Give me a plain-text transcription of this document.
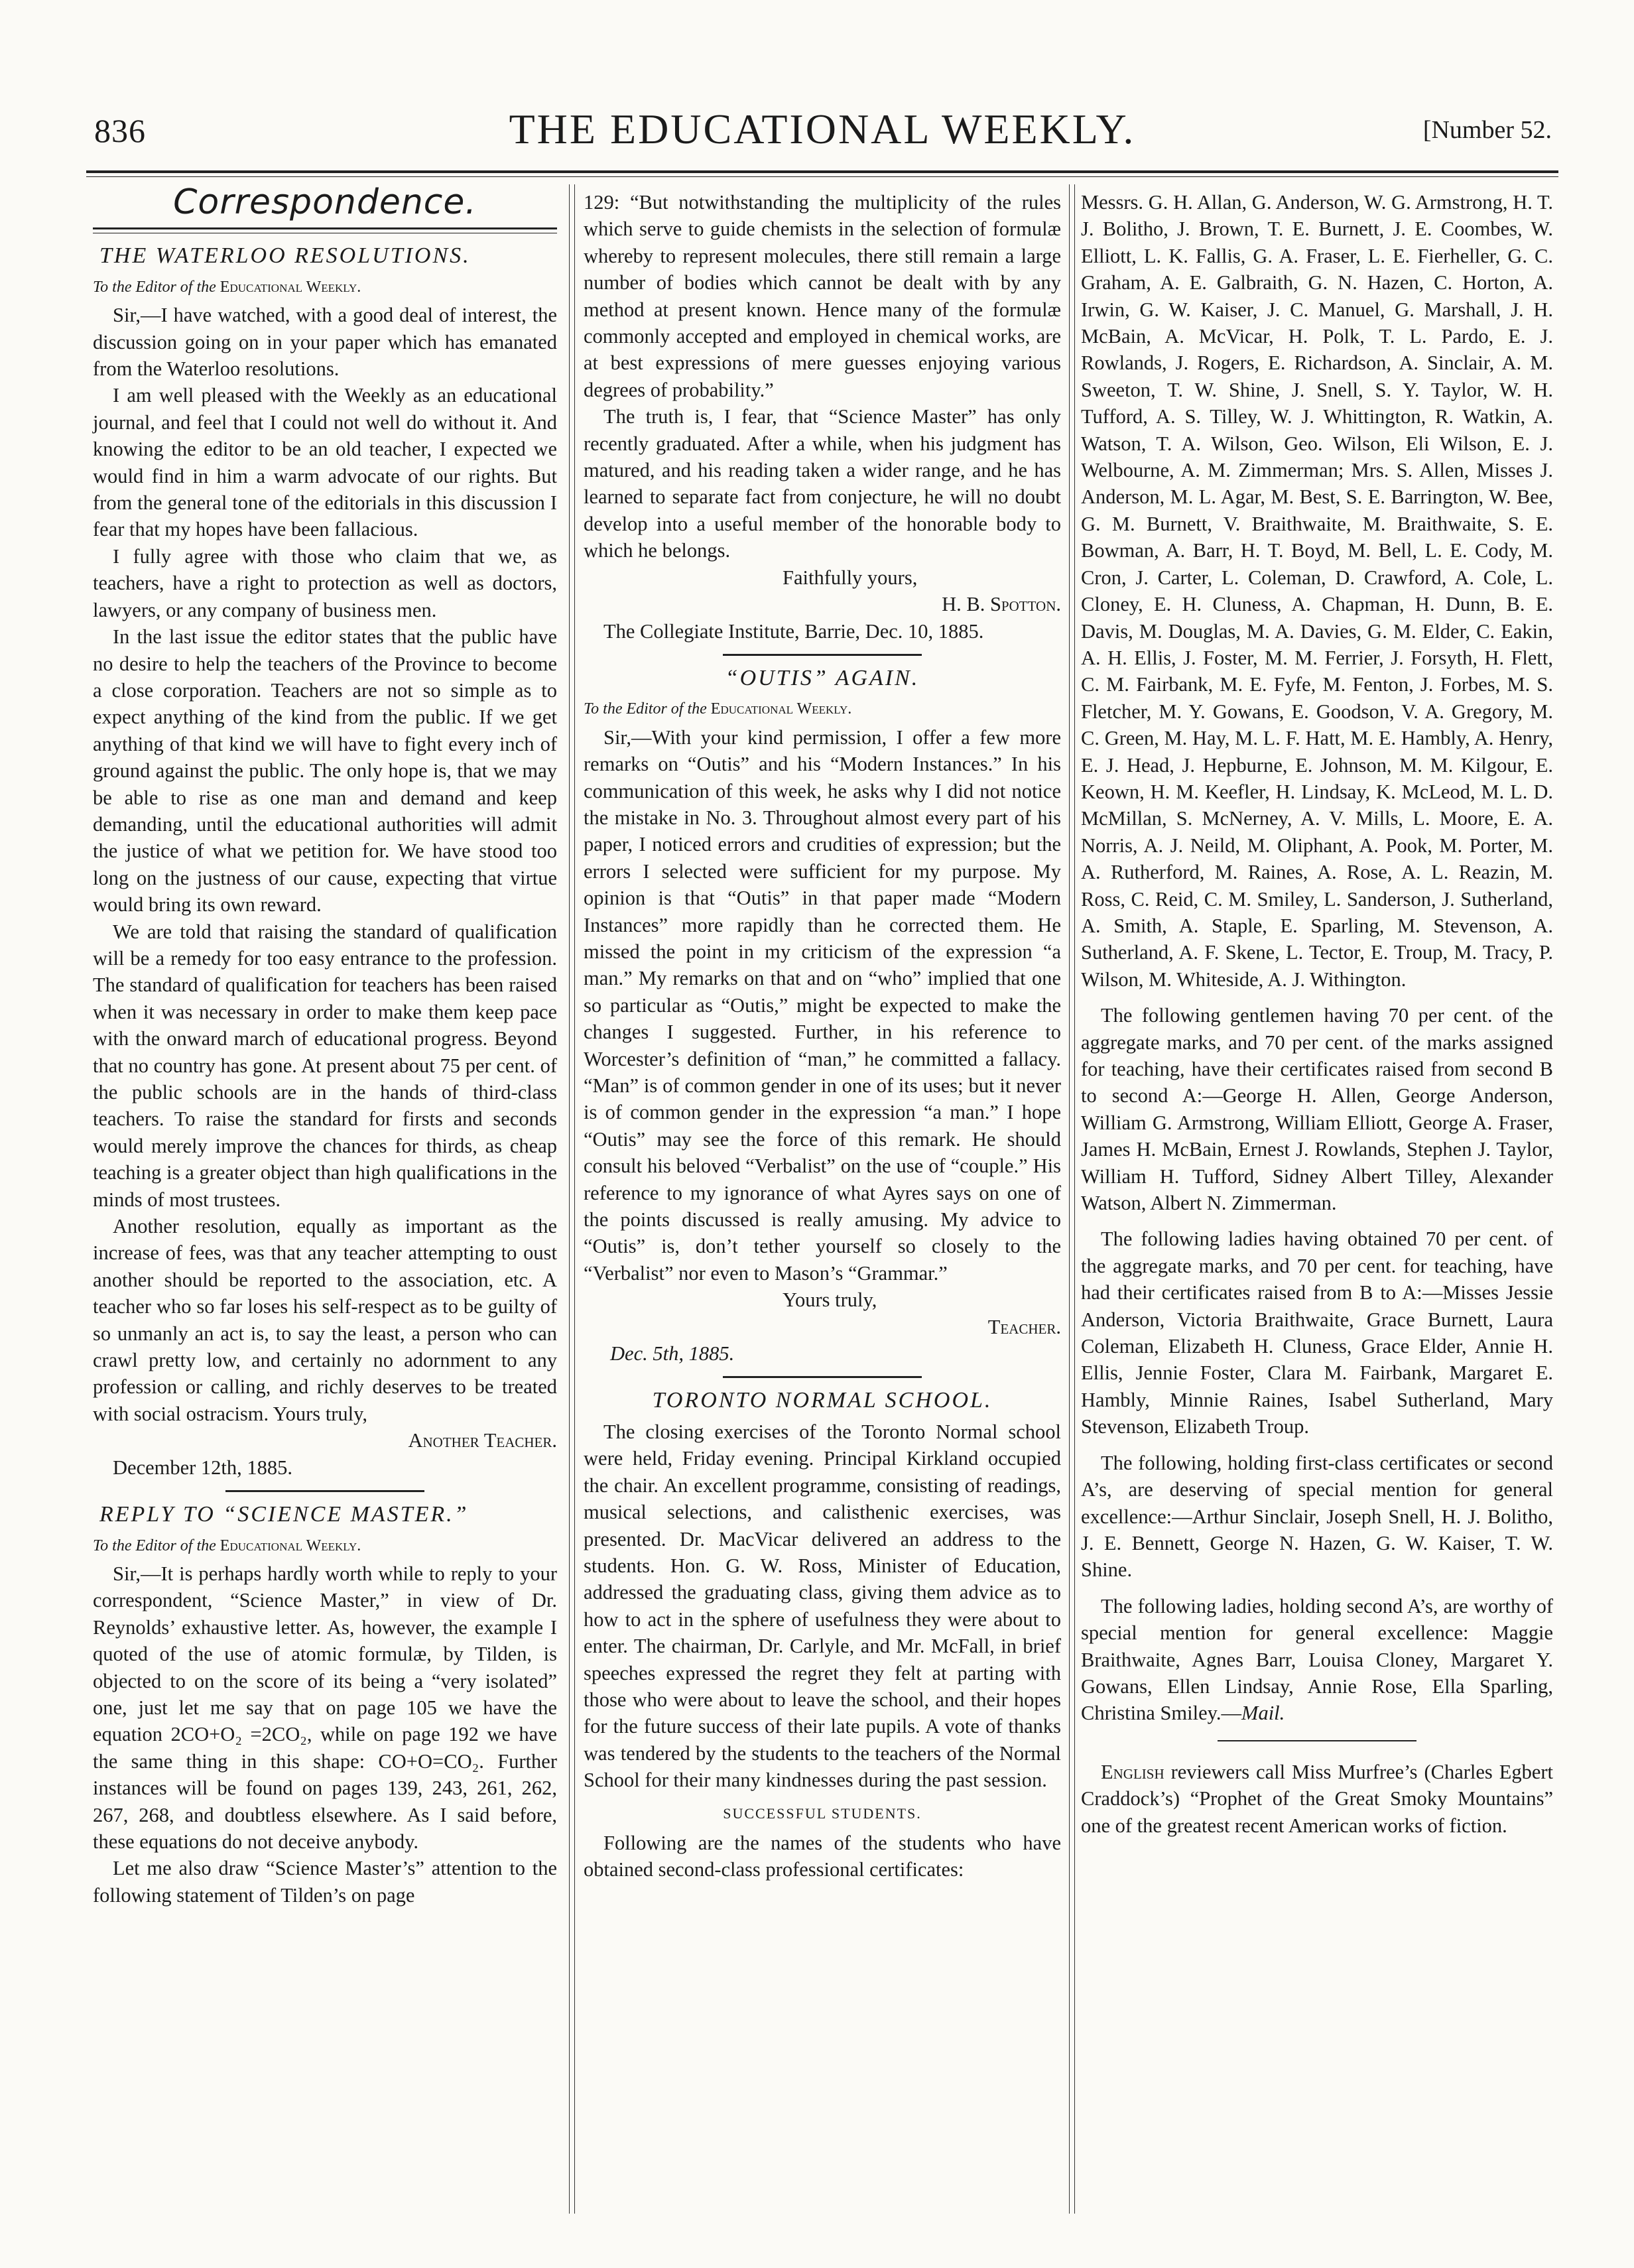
836	THE EDUCATIONAL WEEKLY.	[Number 52.
Correspondence.
THE WATERLOO RESOLUTIONS.
To the Editor of the Educational Weekly.

Sir,—I have watched, with a good deal of interest, the discussion going on in your paper which has emanated from the Waterloo resolutions.

I am well pleased with the Weekly as an educational journal, and feel that I could not well do without it. And knowing the editor to be an old teacher, I expected we would find in him a warm advocate of our rights. But from the general tone of the editorials in this discussion I fear that my hopes have been fallacious.

I fully agree with those who claim that we, as teachers, have a right to protection as well as doctors, lawyers, or any company of business men.

In the last issue the editor states that the public have no desire to help the teachers of the Province to become a close corporation. Teachers are not so simple as to expect anything of the kind from the public. If we get anything of that kind we will have to fight every inch of ground against the public. The only hope is, that we may be able to rise as one man and demand and keep demanding, until the educational authorities will admit the justice of what we petition for. We have stood too long on the justness of our cause, expecting that virtue would bring its own reward.

We are told that raising the standard of qualification will be a remedy for too easy entrance to the profession. The standard of qualification for teachers has been raised when it was necessary in order to make them keep pace with the onward march of educational progress. Beyond that no country has gone. At present about 75 per cent. of the public schools are in the hands of third-class teachers. To raise the standard for firsts and seconds would merely improve the chances for thirds, as cheap teaching is a greater object than high qualifications in the minds of most trustees.

Another resolution, equally as important as the increase of fees, was that any teacher attempting to oust another should be reported to the association, etc. A teacher who so far loses his self-respect as to be guilty of so unmanly an act is, to say the least, a person who can crawl pretty low, and certainly no adornment to any profession or calling, and richly deserves to be treated with social ostracism. Yours truly,

Another Teacher.

December 12th, 1885.

REPLY TO “SCIENCE MASTER.”
To the Editor of the Educational Weekly.

Sir,—It is perhaps hardly worth while to reply to your correspondent, “Science Master,” in view of Dr. Reynolds’ exhaustive letter. As, however, the example I quoted of the use of atomic formulæ, by Tilden, is objected to on the score of its being a “very isolated” one, just let me say that on page 105 we have the equation 2CO+O₂ =2CO₂, while on page 192 we have the same thing in this shape: CO+O=CO₂. Further instances will be found on pages 139, 243, 261, 262, 267, 268, and doubtless elsewhere. As I said before, these equations do not deceive anybody.

Let me also draw “Science Master’s” attention to the following statement of Tilden’s on page

129: “But notwithstanding the multiplicity of the rules which serve to guide chemists in the selection of formulæ whereby to represent molecules, there still remain a large number of bodies which cannot be dealt with by any method at present known. Hence many of the formulæ commonly accepted and employed in chemical works, are at best expressions of mere guesses enjoying various degrees of probability.”

The truth is, I fear, that “Science Master” has only recently graduated. After a while, when his judgment has matured, and his reading taken a wider range, and he has learned to separate fact from conjecture, he will no doubt develop into a useful member of the honorable body to which he belongs.

Faithfully yours,

H. B. Spotton.

The Collegiate Institute, Barrie, Dec. 10, 1885.

“OUTIS” AGAIN.
To the Editor of the Educational Weekly.

Sir,—With your kind permission, I offer a few more remarks on “Outis” and his “Modern Instances.” In his communication of this week, he asks why I did not notice the mistake in No. 3. Throughout almost every part of his paper, I noticed errors and crudities of expression; but the errors I selected were sufficient for my purpose. My opinion is that “Outis” in that paper made “Modern Instances” more rapidly than he corrected them. He missed the point in my criticism of the expression “a man.” My remarks on that and on “who” implied that one so particular as “Outis,” might be expected to make the changes I suggested. Further, in his reference to Worcester’s definition of “man,” he committed a fallacy. “Man” is of common gender in one of its uses; but it never is of common gender in the expression “a man.” I hope “Outis” may see the force of this remark. He should consult his beloved “Verbalist” on the use of “couple.” His reference to my ignorance of what Ayres says on one of the points discussed is really amusing. My advice to “Outis” is, don’t tether yourself so closely to the “Verbalist” nor even to Mason’s “Grammar.”

Yours truly,

Teacher.

Dec. 5th, 1885.

TORONTO NORMAL SCHOOL.

The closing exercises of the Toronto Normal school were held, Friday evening. Principal Kirkland occupied the chair. An excellent programme, consisting of readings, musical selections, and calisthenic exercises, was presented. Dr. MacVicar delivered an address to the students. Hon. G. W. Ross, Minister of Education, addressed the graduating class, giving them advice as to how to act in the sphere of usefulness they were about to enter. The chairman, Dr. Carlyle, and Mr. McFall, in brief speeches expressed the regret they felt at parting with those who were about to leave the school, and their hopes for the future success of their late pupils. A vote of thanks was tendered by the students to the teachers of the Normal School for their many kindnesses during the past session.

SUCCESSFUL STUDENTS.

Following are the names of the students who have obtained second-class professional certificates:

Messrs. G. H. Allan, G. Anderson, W. G. Armstrong, H. T. J. Bolitho, J. Brown, T. E. Burnett, J. E. Coombes, W. Elliott, L. K. Fallis, G. A. Fraser, L. E. Fierheller, G. C. Graham, A. E. Galbraith, G. N. Hazen, C. Horton, A. Irwin, G. W. Kaiser, J. C. Manuel, G. Marshall, J. H. McBain, A. McVicar, H. Polk, T. L. Pardo, E. J. Rowlands, J. Rogers, E. Richardson, A. Sinclair, A. M. Sweeton, T. W. Shine, J. Snell, S. Y. Taylor, W. H. Tufford, A. S. Tilley, W. J. Whittington, R. Watkin, A. Watson, T. A. Wilson, Geo. Wilson, Eli Wilson, E. J. Welbourne, A. M. Zimmerman; Mrs. S. Allen, Misses J. Anderson, M. L. Agar, M. Best, S. E. Barrington, W. Bee, G. M. Burnett, V. Braithwaite, M. Braithwaite, S. E. Bowman, A. Barr, H. T. Boyd, M. Bell, L. E. Cody, M. Cron, J. Carter, L. Coleman, D. Crawford, A. Cole, L. Cloney, E. H. Cluness, A. Chapman, H. Dunn, B. E. Davis, M. Douglas, M. A. Davies, G. M. Elder, C. Eakin, A. H. Ellis, J. Foster, M. M. Ferrier, J. Forsyth, H. Flett, C. M. Fairbank, M. E. Fyfe, M. Fenton, J. Forbes, M. S. Fletcher, M. Y. Gowans, E. Goodson, V. A. Gregory, M. C. Green, M. Hay, M. L. F. Hatt, M. E. Hambly, A. Henry, E. J. Head, J. Hepburne, E. Johnson, M. M. Kilgour, E. Keown, H. M. Keefler, H. Lindsay, K. McLeod, M. L. D. McMillan, S. McNerney, A. V. Mills, L. Moore, E. A. Norris, A. J. Neild, M. Oliphant, A. Pook, M. Porter, M. A. Rutherford, M. Raines, A. Rose, A. L. Reazin, M. Ross, C. Reid, C. M. Smiley, L. Sanderson, J. Sutherland, A. Smith, A. Staple, E. Sparling, M. Stevenson, A. Sutherland, A. F. Skene, L. Tector, E. Troup, M. Tracy, P. Wilson, M. Whiteside, A. J. Withington.

The following gentlemen having 70 per cent. of the aggregate marks, and 70 per cent. of the marks assigned for teaching, have their certificates raised from second B to second A:—George H. Allen, George Anderson, William G. Armstrong, William Elliott, George A. Fraser, James H. McBain, Ernest J. Rowlands, Stephen J. Taylor, William H. Tufford, Sidney Albert Tilley, Alexander Watson, Albert N. Zimmerman.

The following ladies having obtained 70 per cent. of the aggregate marks, and 70 per cent. for teaching, have had their certificates raised from B to A:—Misses Jessie Anderson, Victoria Braithwaite, Grace Burnett, Laura Coleman, Elizabeth H. Cluness, Grace Elder, Annie H. Ellis, Jennie Foster, Clara M. Fairbank, Margaret E. Hambly, Minnie Raines, Isabel Sutherland, Mary Stevenson, Elizabeth Troup.

The following, holding first-class certificates or second A’s, are deserving of special mention for general excellence:—Arthur Sinclair, Joseph Snell, H. J. Bolitho, J. E. Bennett, George N. Hazen, G. W. Kaiser, T. W. Shine.

The following ladies, holding second A’s, are worthy of special mention for general excellence: Maggie Braithwaite, Agnes Barr, Louisa Cloney, Margaret Y. Gowans, Ellen Lindsay, Annie Rose, Ella Sparling, Christina Smiley.—Mail.

English reviewers call Miss Murfree’s (Charles Egbert Craddock’s) “Prophet of the Great Smoky Mountains” one of the greatest recent American works of fiction.
